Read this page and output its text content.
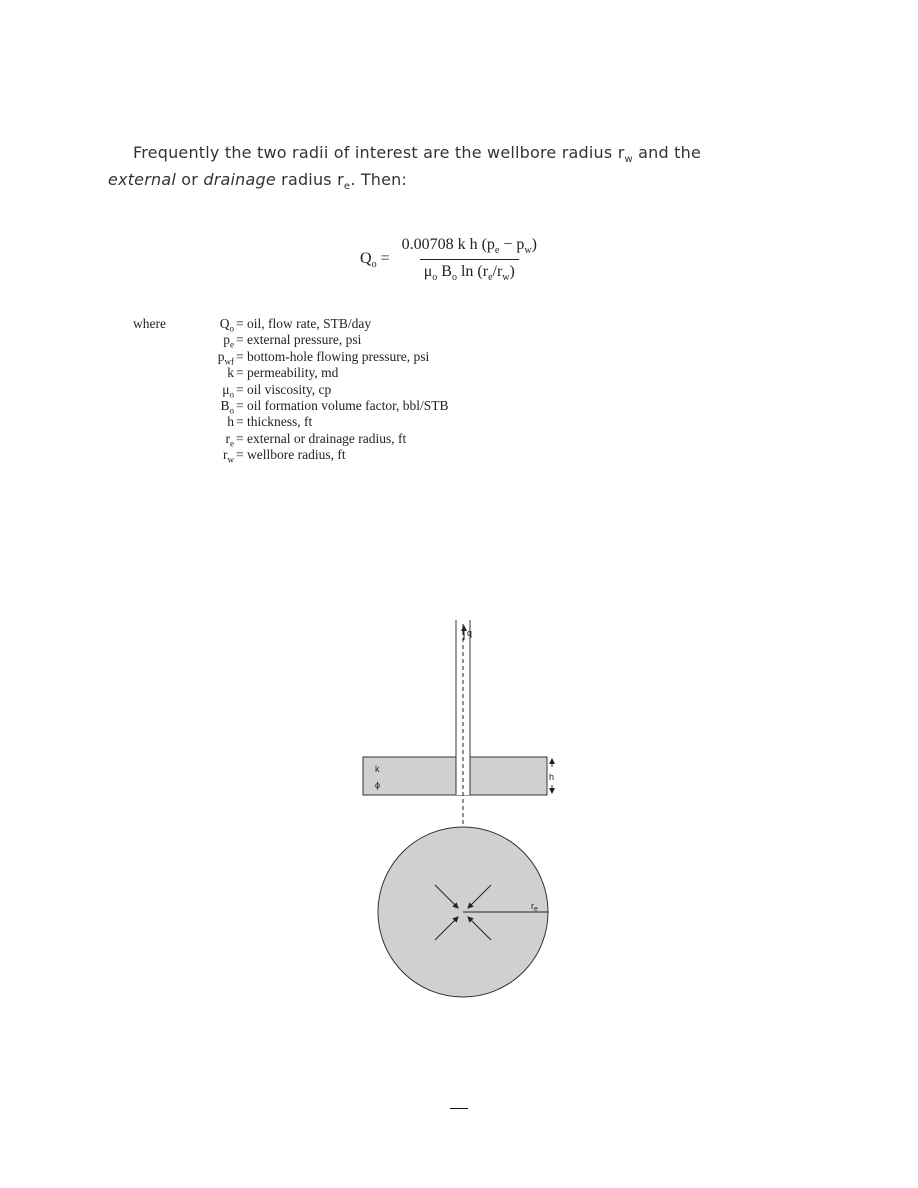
Frequently the two radii of interest are the wellbore radius $r_w$ and the
external or drainage radius $r_e$. Then:
$Q_o = \frac{0.00708 k h (p_e - p_w)}{\mu_o B_o \ln (r_e/r_w)}$
where	$Q_o$ = oil, flow rate, STB/day
$p_e$ = external pressure, psi
$p_{wf}$ = bottom-hole flowing pressure, psi
k = permeability, md
$\mu_o$ = oil viscosity, cp
$B_o$ = oil formation volume factor, bbl/STB
h = thickness, ft
$r_e$ = external or drainage radius, ft
$r_w$ = wellbore radius, ft
q
k
ϕ
h
$r_e$
